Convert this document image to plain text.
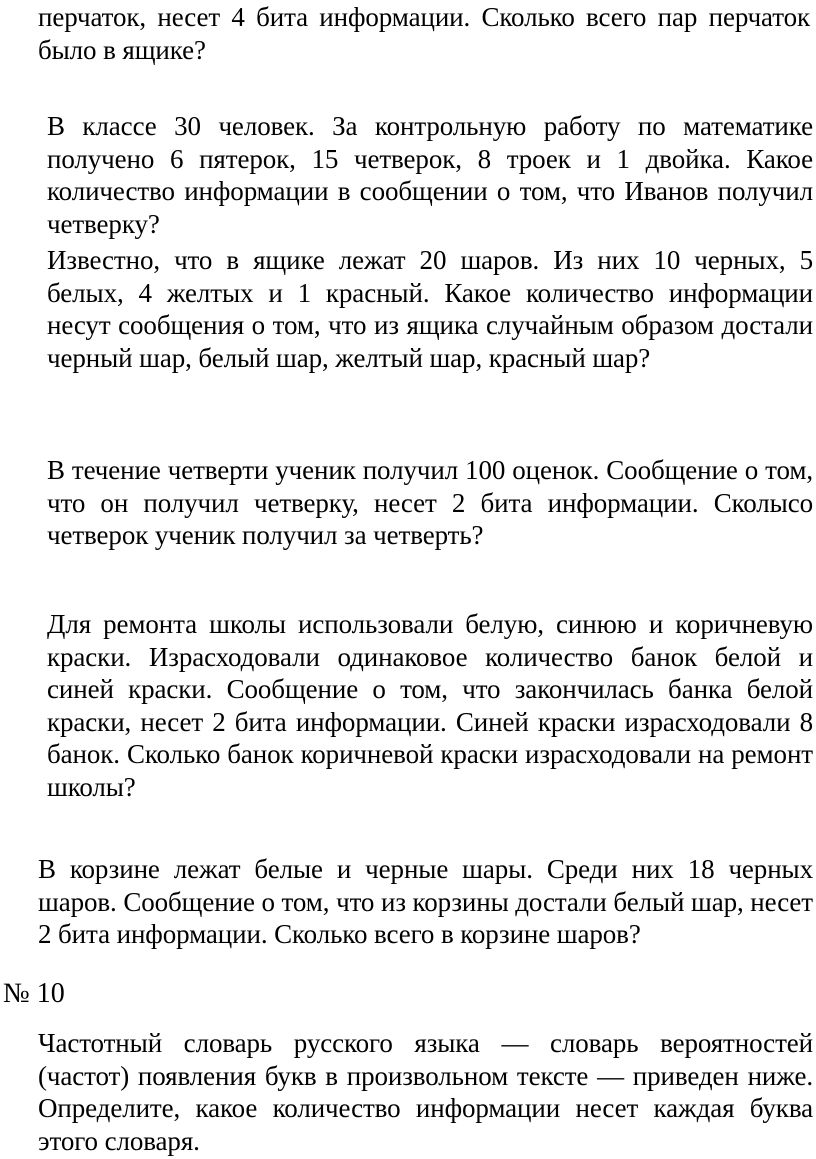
перчаток, несет 4 бита информации. Сколько всего пар перчаток было в ящике?

В классе 30 человек. За контрольную работу по математике получено 6 пятерок, 15 четверок, 8 троек и 1 двойка. Какое количество информации в сообщении о том, что Иванов получил четверку?

Известно, что в ящике лежат 20 шаров. Из них 10 черных, 5 белых, 4 желтых и 1 красный. Какое количество информации несут сообщения о том, что из ящика случайным образом достали черный шар, белый шар, желтый шар, красный шар?

В течение четверти ученик получил 100 оценок. Сообщение о том, что он получил четверку, несет 2 бита информации. Сколысо четверок ученик получил за четверть?

Для ремонта школы использовали белую, синюю и коричневую краски. Израсходовали одинаковое количество банок белой и синей краски. Сообщение о том, что закончилась банка белой краски, несет 2 бита информации. Синей краски израсходовали 8 банок. Сколько банок коричневой краски израсходовали на ремонт школы?

В корзине лежат белые и черные шары. Среди них 18 черных шаров. Сообщение о том, что из корзины достали белый шар, несет 2 бита информации. Сколько всего в корзине шаров?

№ 10

Частотный словарь русского языка — словарь вероятностей (частот) появления букв в произвольном тексте — приведен ниже. Определите, какое количество информации несет каждая буква этого словаря.
